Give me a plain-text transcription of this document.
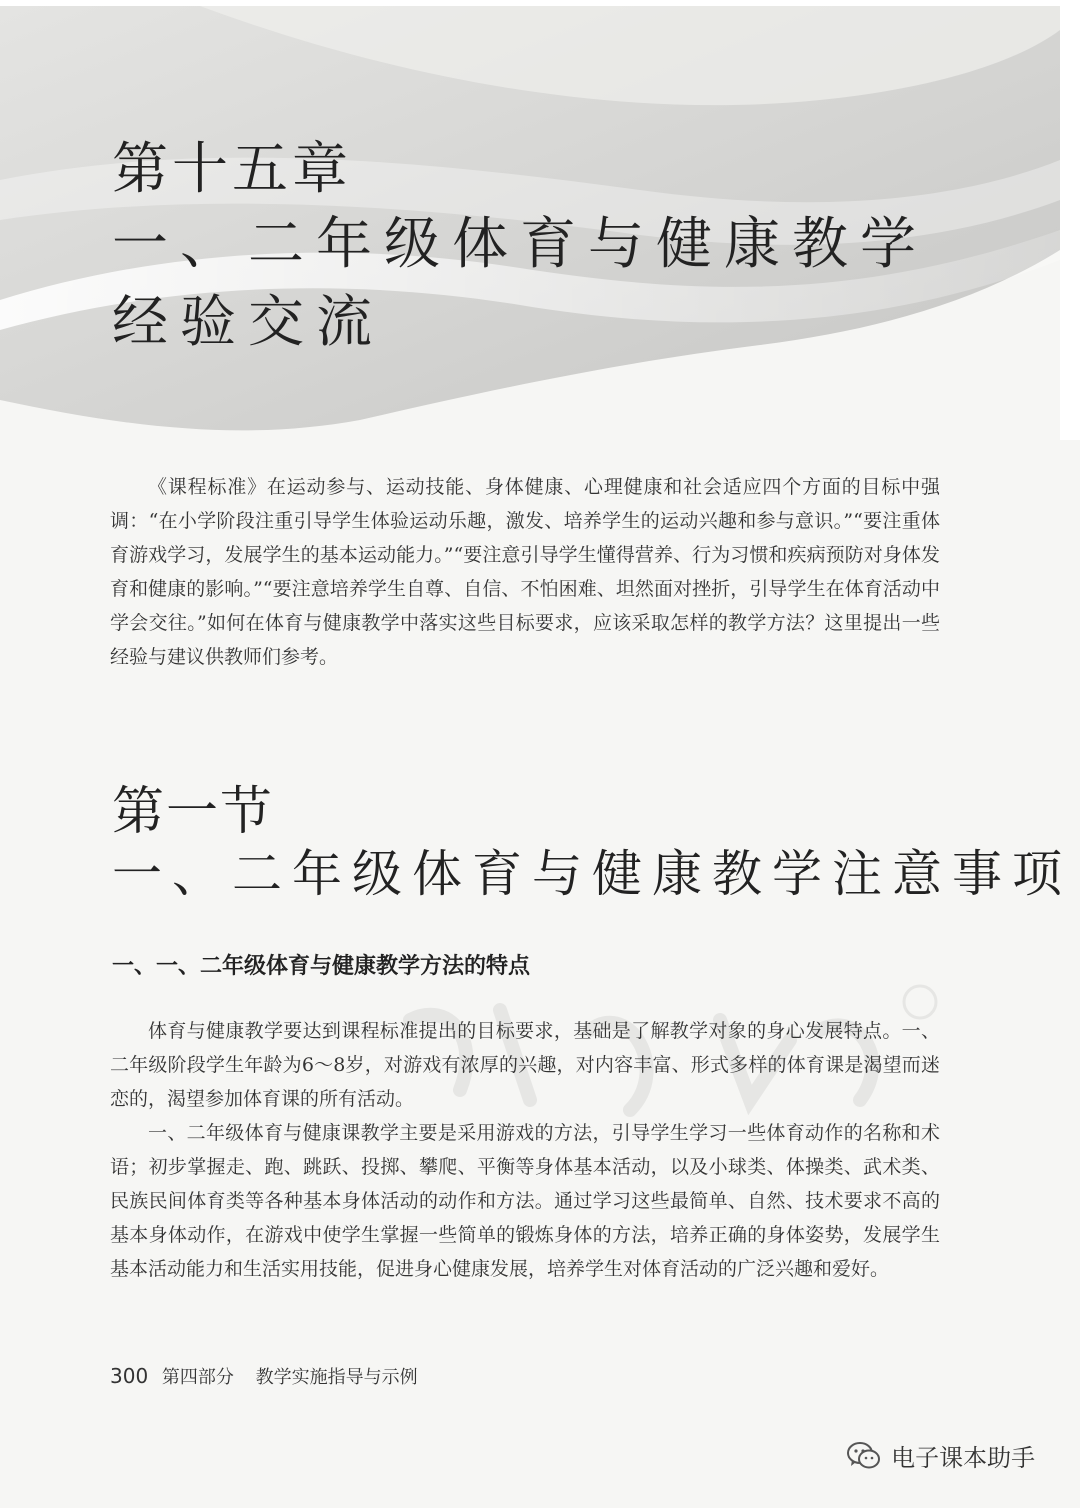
第十五章
一、二年级体育与健康教学经验交流

《课程标准》在运动参与、运动技能、身体健康、心理健康和社会适应四个方面的目标中强调：“在小学阶段注重引导学生体验运动乐趣，激发、培养学生的运动兴趣和参与意识。”“要注重体育游戏学习，发展学生的基本运动能力。”“要注意引导学生懂得营养、行为习惯和疾病预防对身体发育和健康的影响。”“要注意培养学生自尊、自信、不怕困难、坦然面对挫折，引导学生在体育活动中学会交往。”如何在体育与健康教学中落实这些目标要求，应该采取怎样的教学方法？这里提出一些经验与建议供教师们参考。

第一节
一、二年级体育与健康教学注意事项
一、一、二年级体育与健康教学方法的特点

体育与健康教学要达到课程标准提出的目标要求，基础是了解教学对象的身心发展特点。一、二年级阶段学生年龄为6～8岁，对游戏有浓厚的兴趣，对内容丰富、形式多样的体育课是渴望而迷恋的，渴望参加体育课的所有活动。

一、二年级体育与健康课教学主要是采用游戏的方法，引导学生学习一些体育动作的名称和术语；初步掌握走、跑、跳跃、投掷、攀爬、平衡等身体基本活动，以及小球类、体操类、武术类、民族民间体育类等各种基本身体活动的动作和方法。通过学习这些最简单、自然、技术要求不高的基本身体动作，在游戏中使学生掌握一些简单的锻炼身体的方法，培养正确的身体姿势，发展学生基本活动能力和生活实用技能，促进身心健康发展，培养学生对体育活动的广泛兴趣和爱好。

300 第四部分 教学实施指导与示例
电子课本助手
